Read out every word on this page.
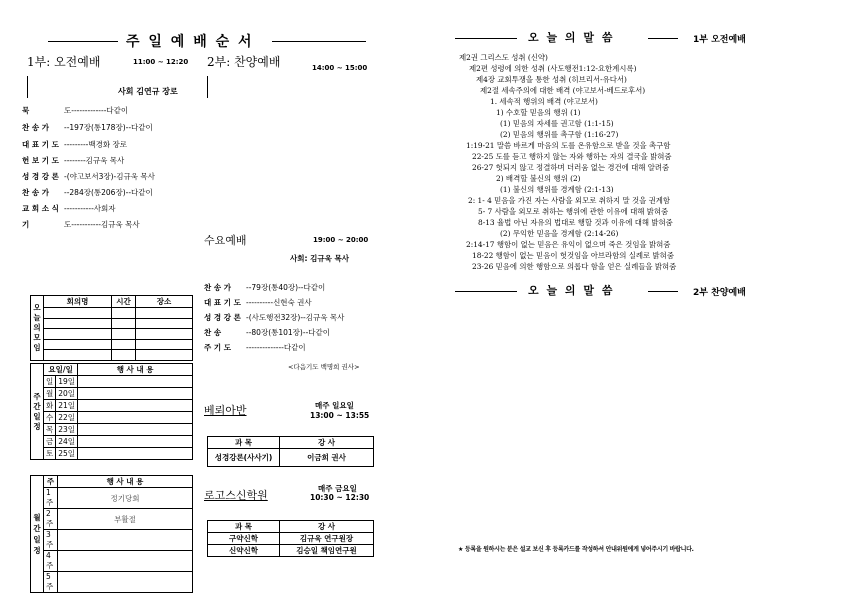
주 일 예 배 순 서
1부: 오전예배	11:00 ~ 12:20 2부: 찬양예배	14:00 ~ 15:00
사회 김연규 장로
묵	도-------------다같이
찬 송 가 --197장(통178장)--다같이
대 표 기 도 ---------백경화 장로
헌 보 기 도 --------김규욱 목사
성 경 강 론 -(야고보서3장)-김규욱 목사
찬 송 가 --284장(통206장)--다같이
교 회 소 식 -----------사회자
기	도-----------김규욱 목사
수요예배	19:00 ~ 20:00
사회: 김규욱 목사
찬 송 가 --79장(통40장)--다같이
대 표 기 도 ----------신현숙 권사
성 경 강 론 -(사도행전32장)--김규욱 목사
찬 송	--80장(통101장)--다같이
주 기 도 --------------다같이
<다음기도 백명희 권사>
오
늘
의
모
임	회의명	시간	장소

주
간
일
정	요일/일		행 사 내 용
	일	19일	
	월	20일	
	화	21일	
	수	22일	
	목	23일	
	금	24일	
	토	25일	
월
간
일
정	주	행 사 내 용
	1주	정기당회
	2주	부활절
	3주	
	4주	
	5주	
베뢰아반	매주 일요일
13:00 ~ 13:55
과 목	강 사
성경강론(사사기)	이금희 권사
로고스신학원
매주 금요일
10:30 ~ 12:30
과 목	강 사
구약신학	김규욱 연구원장
신약신학	김승일 책임연구원
오 늘 의 말 씀	1부 오전예배
제2권 그리스도 성취 (신약)
제2편 성령에 의한 성취 (사도행전1:12-요한계시록)
제4장 교회투쟁을 통한 성취 (히브리서-유다서)
제2절 세속주의에 대한 배격 (야고보서-베드로후서)
1. 세속적 행위의 배격 (야고보서)
1) 수호할 믿음의 행위 (1)
(1) 믿음의 자세를 권고함 (1:1-15)
(2) 믿음의 행위를 촉구함 (1:16-27)
1:19-21 말씀 바르게 마음의 도를 온유함으로 받을 것을 촉구함
22-25 도를 듣고 행하지 않는 자와 행하는 자의 결국을 밝혀줌
26-27 헛되지 않고 정결하며 더러움 없는 경건에 대해 알려줌
2) 배격할 불신의 행위 (2)
(1) 불신의 행위를 경계함 (2:1-13)
2: 1- 4 믿음을 가진 자는 사람을 외모로 취하지 말 것을 권계함
5- 7 사람을 외모로 취하는 행위에 관한 이유에 대해 밝혀줌
8-13 율법 아닌 자유의 법대로 행할 것과 이유에 대해 밝혀줌
(2) 무익한 믿음을 경계함 (2:14-26)
2:14-17 행함이 없는 믿음은 유익이 없으며 죽은 것임을 밝혀줌
18-22 행함이 없는 믿음이 헛것임을 아브라함의 실례로 밝혀줌
23-26 믿음에 의한 행함으로 의롭다 함을 얻은 실례들을 밝혀줌
오 늘 의 말 씀	2부 찬양예배
★ 등록을 원하시는 분은 설교 보신 후 등록카드를 작성하셔 안내위원에게 넣어주시기 바랍니다.
